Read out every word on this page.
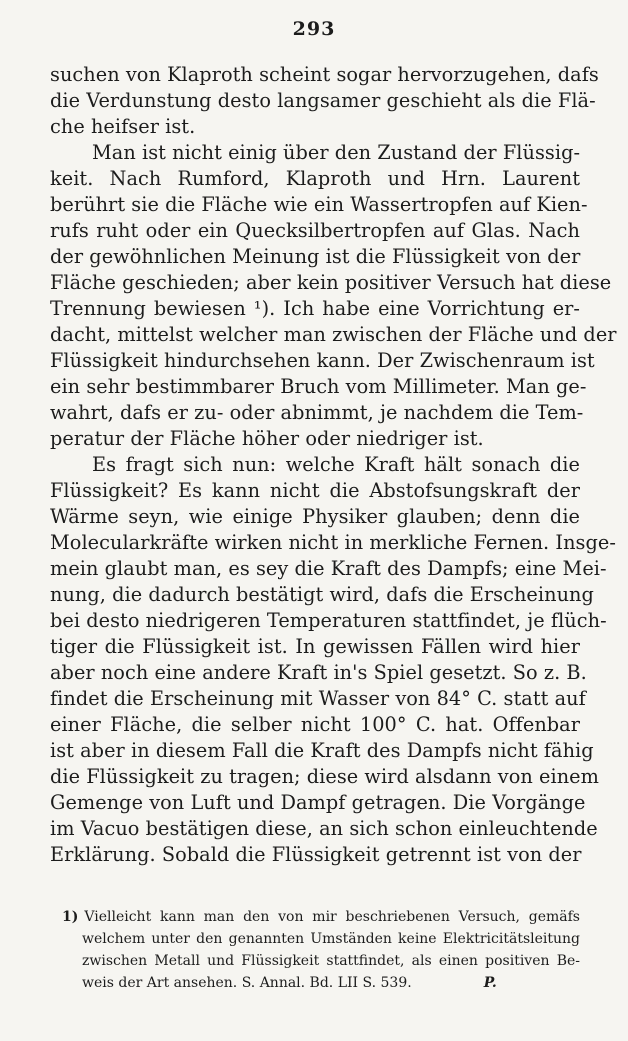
293
suchen von Klaproth scheint sogar hervorzugehen, dafs
die Verdunstung desto langsamer geschieht als die Flä-
che heifser ist.
Man ist nicht einig über den Zustand der Flüssig-
keit. Nach Rumford, Klaproth und Hrn. Laurent
berührt sie die Fläche wie ein Wassertropfen auf Kien-
rufs ruht oder ein Quecksilbertropfen auf Glas. Nach
der gewöhnlichen Meinung ist die Flüssigkeit von der
Fläche geschieden; aber kein positiver Versuch hat diese
Trennung bewiesen ¹). Ich habe eine Vorrichtung er-
dacht, mittelst welcher man zwischen der Fläche und der
Flüssigkeit hindurchsehen kann. Der Zwischenraum ist
ein sehr bestimmbarer Bruch vom Millimeter. Man ge-
wahrt, dafs er zu- oder abnimmt, je nachdem die Tem-
peratur der Fläche höher oder niedriger ist.
Es fragt sich nun: welche Kraft hält sonach die
Flüssigkeit? Es kann nicht die Abstofsungskraft der
Wärme seyn, wie einige Physiker glauben; denn die
Molecularkräfte wirken nicht in merkliche Fernen. Insge-
mein glaubt man, es sey die Kraft des Dampfs; eine Mei-
nung, die dadurch bestätigt wird, dafs die Erscheinung
bei desto niedrigeren Temperaturen stattfindet, je flüch-
tiger die Flüssigkeit ist. In gewissen Fällen wird hier
aber noch eine andere Kraft in's Spiel gesetzt. So z. B.
findet die Erscheinung mit Wasser von 84° C. statt auf
einer Fläche, die selber nicht 100° C. hat. Offenbar
ist aber in diesem Fall die Kraft des Dampfs nicht fähig
die Flüssigkeit zu tragen; diese wird alsdann von einem
Gemenge von Luft und Dampf getragen. Die Vorgänge
im Vacuo bestätigen diese, an sich schon einleuchtende
Erklärung. Sobald die Flüssigkeit getrennt ist von der
1) Vielleicht kann man den von mir beschriebenen Versuch, gemäfs
welchem unter den genannten Umständen keine Elektricitätsleitung
zwischen Metall und Flüssigkeit stattfindet, als einen positiven Be-
weis der Art ansehen. S. Annal. Bd. LII S. 539.	P.
